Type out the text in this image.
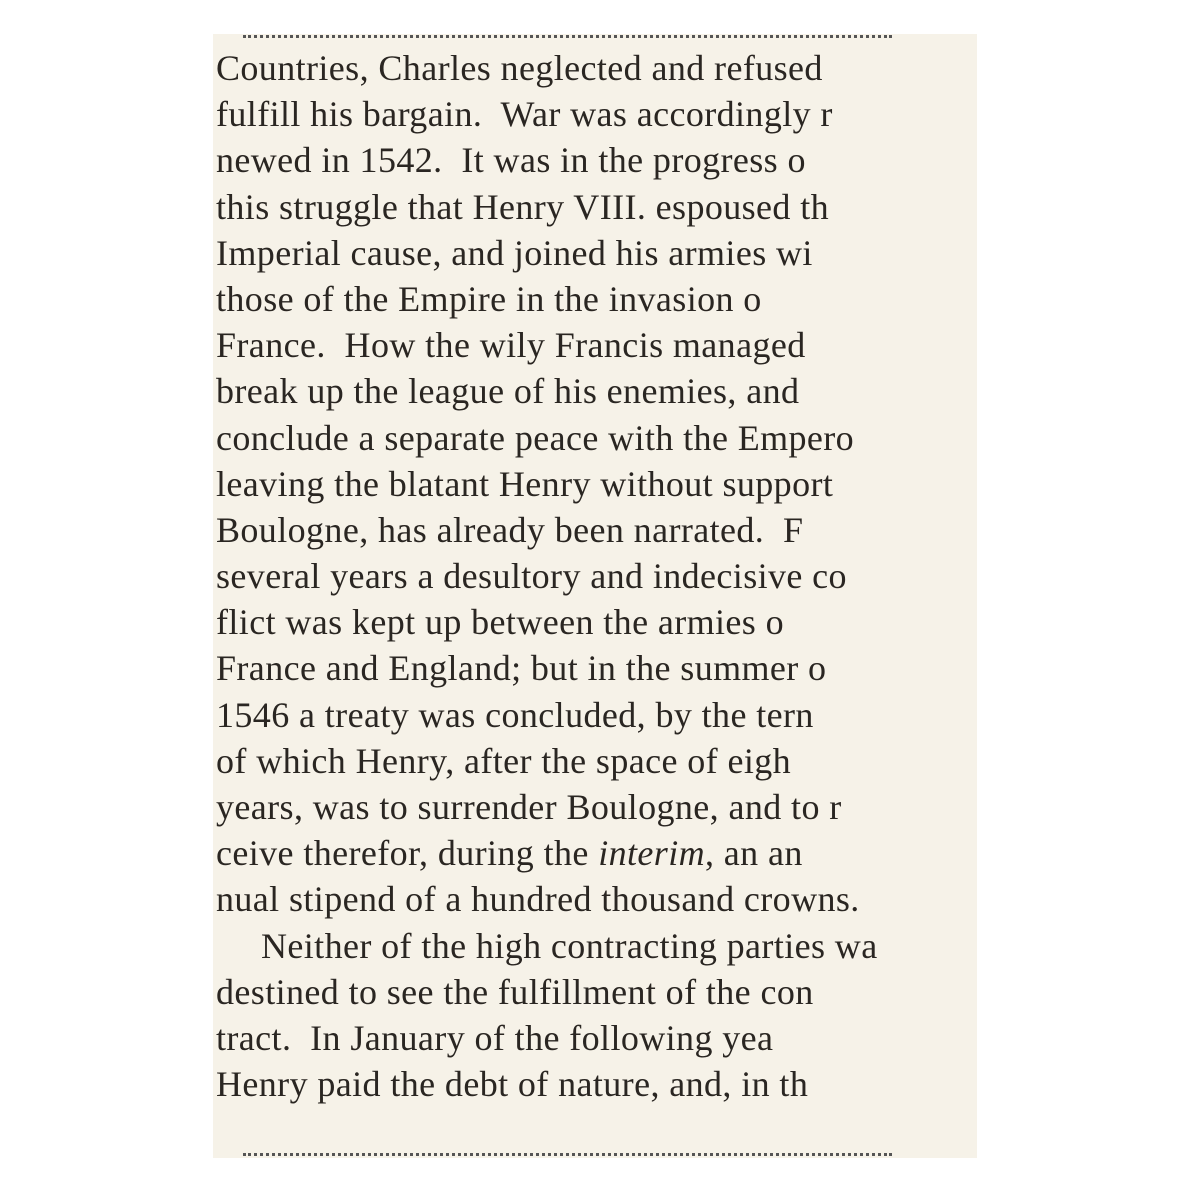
Countries, Charles neglected and refused
fulfill his bargain.  War was accordingly r
newed in 1542.  It was in the progress o
this struggle that Henry VIII. espoused th
Imperial cause, and joined his armies wi
those of the Empire in the invasion o
France.  How the wily Francis managed
break up the league of his enemies, and
conclude a separate peace with the Empero
leaving the blatant Henry without support
Boulogne, has already been narrated.  F
several years a desultory and indecisive co
flict was kept up between the armies o
France and England; but in the summer o
1546 a treaty was concluded, by the tern
of which Henry, after the space of eigh
years, was to surrender Boulogne, and to r
ceive therefor, during the interim, an an
nual stipend of a hundred thousand crowns.
Neither of the high contracting parties wa
destined to see the fulfillment of the con
tract.  In January of the following yea
Henry paid the debt of nature, and, in th
